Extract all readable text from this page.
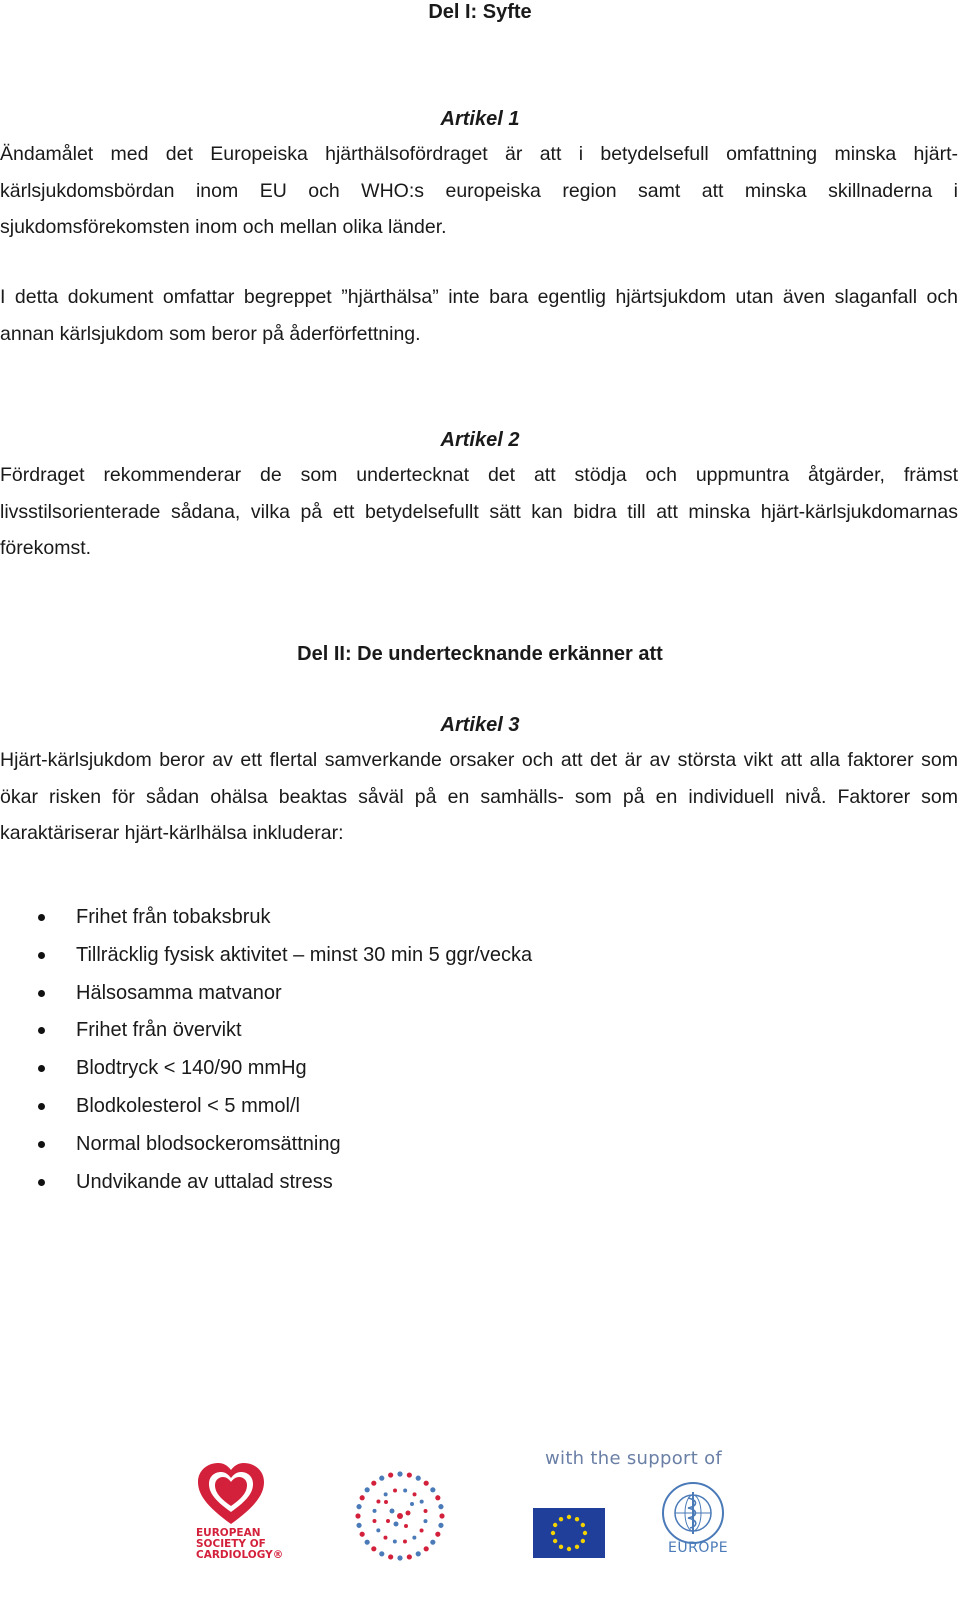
Del I: Syfte
Artikel 1

Ändamålet med det Europeiska hjärthälsofördraget är att i betydelsefull omfattning minska hjärt-kärlsjukdomsbördan inom EU och WHO:s europeiska region samt att minska skillnaderna i sjukdomsförekomsten inom och mellan olika länder.

I detta dokument omfattar begreppet ”hjärthälsa” inte bara egentlig hjärtsjukdom utan även slaganfall och annan kärlsjukdom som beror på åderförfettning.

Artikel 2

Fördraget rekommenderar de som undertecknat det att stödja och uppmuntra åtgärder, främst livsstilsorienterade sådana, vilka på ett betydelsefullt sätt kan bidra till att minska hjärt-kärlsjukdomarnas förekomst.

Del II: De undertecknande erkänner att
Artikel 3

Hjärt-kärlsjukdom beror av ett flertal samverkande orsaker och att det är av största vikt att alla faktorer som ökar risken för sådan ohälsa beaktas såväl på en samhälls- som på en individuell nivå. Faktorer som karaktäriserar hjärt-kärlhälsa inkluderar:

Frihet från tobaksbruk
Tillräcklig fysisk aktivitet – minst 30 min 5 ggr/vecka
Hälsosamma matvanor
Frihet från övervikt
Blodtryck < 140/90 mmHg
Blodkolesterol < 5 mmol/l
Normal blodsockeromsättning
Undvikande av uttalad stress
EUROPEAN SOCIETY OF CARDIOLOGY®
with the support of
EUROPE
